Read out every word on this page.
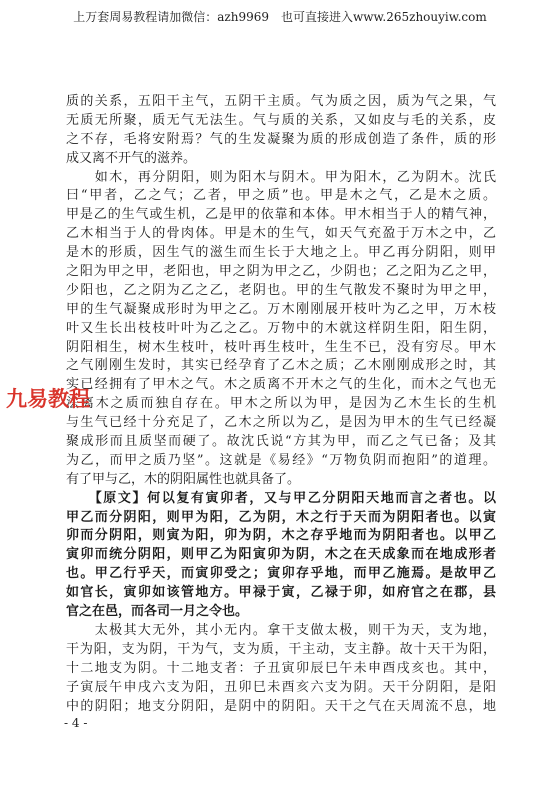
上万套周易教程请加微信：azh9969　也可直接进入www.265zhouyiw.com
质的关系，五阳干主气，五阴干主质。气为质之因，质为气之果，气
无质无所聚，质无气无法生。气与质的关系，又如皮与毛的关系，皮
之不存，毛将安附焉？气的生发凝聚为质的形成创造了条件，质的形
成又离不开气的滋养。
　　如木，再分阴阳，则为阳木与阴木。甲为阳木，乙为阴木。沈氏
曰“甲者，乙之气；乙者，甲之质”也。甲是木之气，乙是木之质。
甲是乙的生气或生机，乙是甲的依靠和本体。甲木相当于人的精气神，
乙木相当于人的骨肉体。甲是木的生气，如天气充盈于万木之中，乙
是木的形质，因生气的滋生而生长于大地之上。甲乙再分阴阳，则甲
之阳为甲之甲，老阳也，甲之阴为甲之乙，少阴也；乙之阳为乙之甲，
少阳也，乙之阴为乙之乙，老阴也。甲的生气散发不聚时为甲之甲，
甲的生气凝聚成形时为甲之乙。万木刚刚展开枝叶为乙之甲，万木枝
叶又生长出枝枝叶叶为乙之乙。万物中的木就这样阴生阳，阳生阴，
阴阳相生，树木生枝叶，枝叶再生枝叶，生生不已，没有穷尽。甲木
之气刚刚生发时，其实已经孕育了乙木之质；乙木刚刚成形之时，其
实已经拥有了甲木之气。木之质离不开木之气的生化，而木之气也无
法离木之质而独自存在。甲木之所以为甲，是因为乙木生长的生机
与生气已经十分充足了，乙木之所以为乙，是因为甲木的生气已经凝
聚成形而且质坚而硬了。故沈氏说“方其为甲，而乙之气已备；及其
为乙，而甲之质乃坚”。这就是《易经》“万物负阴而抱阳”的道理。
有了甲与乙，木的阴阳属性也就具备了。
　　【原文】何以复有寅卯者，又与甲乙分阴阳天地而言之者也。以
甲乙而分阴阳，则甲为阳，乙为阴，木之行于天而为阴阳者也。以寅
卯而分阴阳，则寅为阳，卯为阴，木之存乎地而为阴阳者也。以甲乙
寅卯而统分阴阳，则甲乙为阳寅卯为阴，木之在天成象而在地成形者
也。甲乙行乎天，而寅卯受之；寅卯存乎地，而甲乙施焉。是故甲乙
如官长，寅卯如该管地方。甲禄于寅，乙禄于卯，如府官之在郡，县
官之在邑，而各司一月之令也。
　　太极其大无外，其小无内。拿干支做太极，则干为天，支为地，
干为阳，支为阴，干为气，支为质，干主动，支主静。故十天干为阳，
十二地支为阴。十二地支者：子丑寅卯辰巳午未申酉戌亥也。其中，
子寅辰午申戌六支为阳，丑卯巳未酉亥六支为阴。天干分阴阳，是阳
中的阴阳；地支分阴阳，是阴中的阴阳。天干之气在天周流不息，地
九易教程
- 4 -
